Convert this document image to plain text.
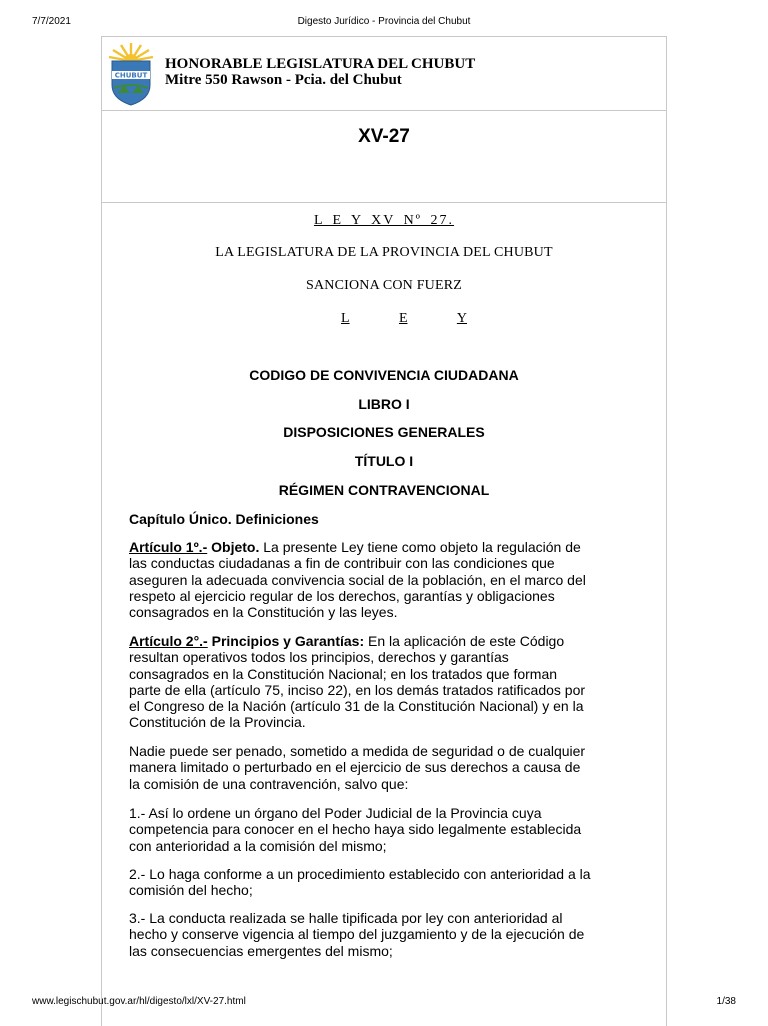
7/7/2021	Digesto Jurídico - Provincia del Chubut
CHUBUT
HONORABLE LEGISLATURA DEL CHUBUT
Mitre 550 Rawson - Pcia. del Chubut
XV-27
L E Y XV Nº 27.
LA LEGISLATURA DE LA PROVINCIA DEL CHUBUT
SANCIONA CON FUERZ
L	E	Y
CODIGO DE CONVIVENCIA CIUDADANA
LIBRO I
DISPOSICIONES GENERALES
TÍTULO I
RÉGIMEN CONTRAVENCIONAL
Capítulo Único. Definiciones
Artículo 1º.- Objeto. La presente Ley tiene como objeto la regulación de
las conductas ciudadanas a fin de contribuir con las condiciones que
aseguren la adecuada convivencia social de la población, en el marco del
respeto al ejercicio regular de los derechos, garantías y obligaciones
consagrados en la Constitución y las leyes.
Artículo 2°.- Principios y Garantías: En la aplicación de este Código
resultan operativos todos los principios, derechos y garantías
consagrados en la Constitución Nacional; en los tratados que forman
parte de ella (artículo 75, inciso 22), en los demás tratados ratificados por
el Congreso de la Nación (artículo 31 de la Constitución Nacional) y en la
Constitución de la Provincia.
Nadie puede ser penado, sometido a medida de seguridad o de cualquier
manera limitado o perturbado en el ejercicio de sus derechos a causa de
la comisión de una contravención, salvo que:
1.- Así lo ordene un órgano del Poder Judicial de la Provincia cuya
competencia para conocer en el hecho haya sido legalmente establecida
con anterioridad a la comisión del mismo;
2.- Lo haga conforme a un procedimiento establecido con anterioridad a la
comisión del hecho;
3.- La conducta realizada se halle tipificada por ley con anterioridad al
hecho y conserve vigencia al tiempo del juzgamiento y de la ejecución de
las consecuencias emergentes del mismo;
www.legischubut.gov.ar/hl/digesto/lxl/XV-27.html	1/38
